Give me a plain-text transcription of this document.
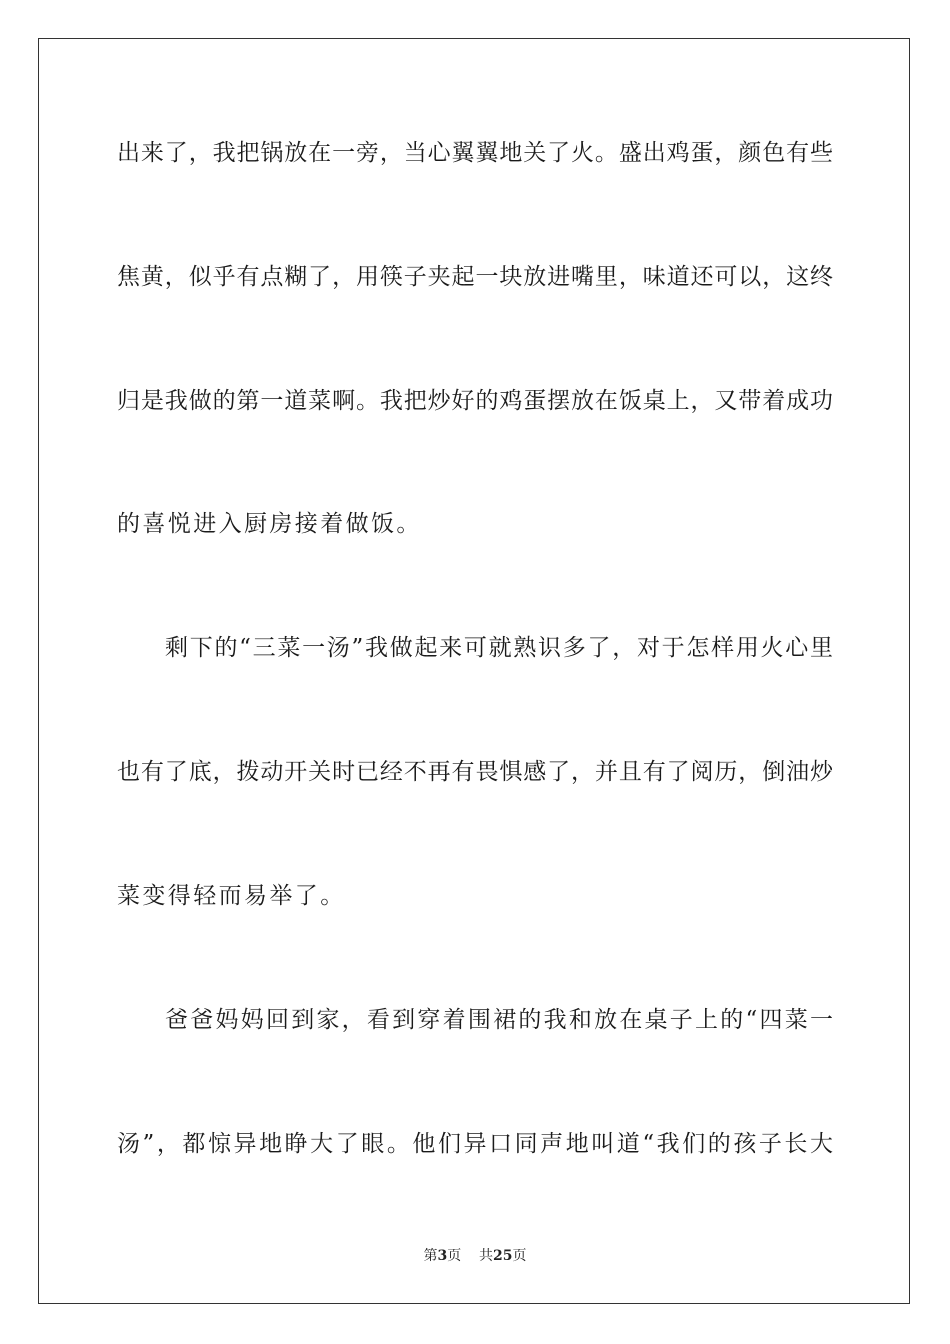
出来了，我把锅放在一旁，当心翼翼地关了火。盛出鸡蛋，颜色有些
焦黄，似乎有点糊了，用筷子夹起一块放进嘴里，味道还可以，这终
归是我做的第一道菜啊。我把炒好的鸡蛋摆放在饭桌上，又带着成功
的喜悦进入厨房接着做饭。
剩下的“三菜一汤”我做起来可就熟识多了，对于怎样用火心里
也有了底，拨动开关时已经不再有畏惧感了，并且有了阅历，倒油炒
菜变得轻而易举了。
爸爸妈妈回到家，看到穿着围裙的我和放在桌子上的“四菜一
汤”，都惊异地睁大了眼。他们异口同声地叫道“我们的孩子长大
第3页 共25页
